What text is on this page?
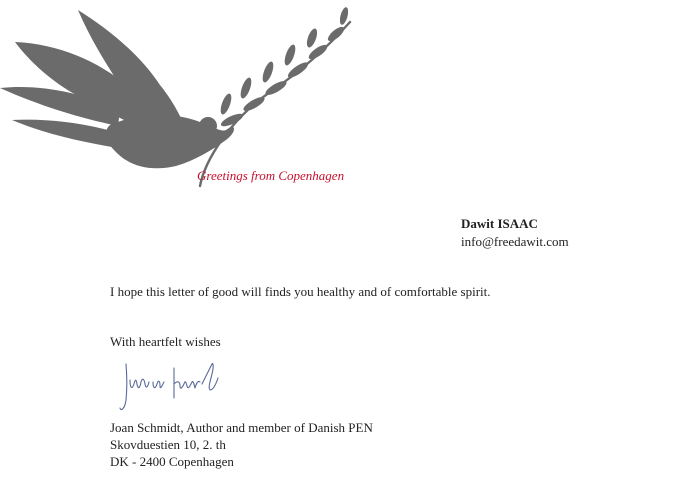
Greetings from Copenhagen
Dawit ISAAC
info@freedawit.com
I hope this letter of good will finds you healthy and of comfortable spirit.
With heartfelt wishes
Joan Schmidt, Author and member of Danish PEN
Skovduestien 10, 2. th
DK - 2400 Copenhagen
